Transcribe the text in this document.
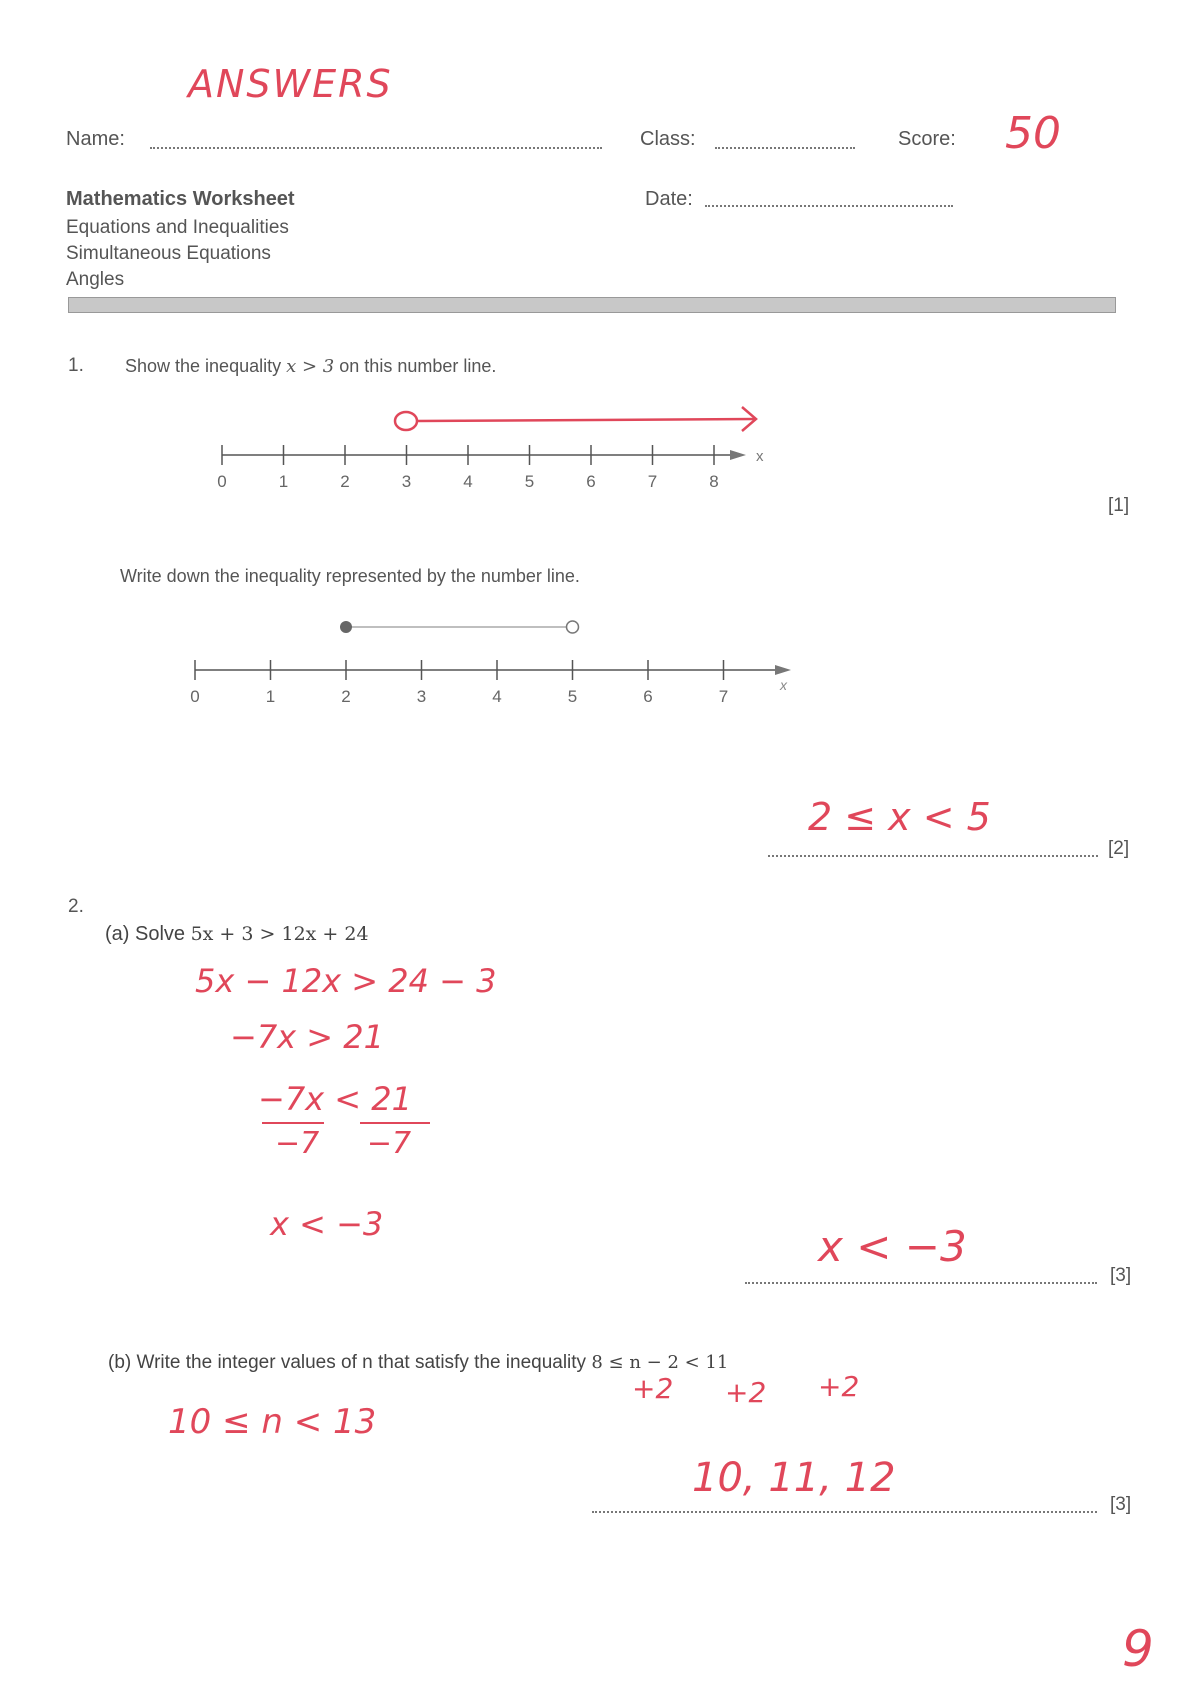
ANSWERS
Name:	Class:	Score: 50
Mathematics Worksheet	Date:
Equations and Inequalities
Simultaneous Equations
Angles
1. Show the inequality x > 3 on this number line.
x
0	1	2	3	4	5	6	7	8
[1]
Write down the inequality represented by the number line.
x
0	1	2	3	4	5	6	7
2 ≤ x < 5
[2]
2.
(a) Solve 5x + 3 > 12x + 24
5x − 12x > 24 − 3
−7x > 21
−7x < 21
−7     −7
x < −3	x < −3
[3]
(b) Write the integer values of n that satisfy the inequality 8 ≤ n − 2 < 11
+2 +2 +2
10 ≤ n < 13
10, 11, 12
[3]
9
